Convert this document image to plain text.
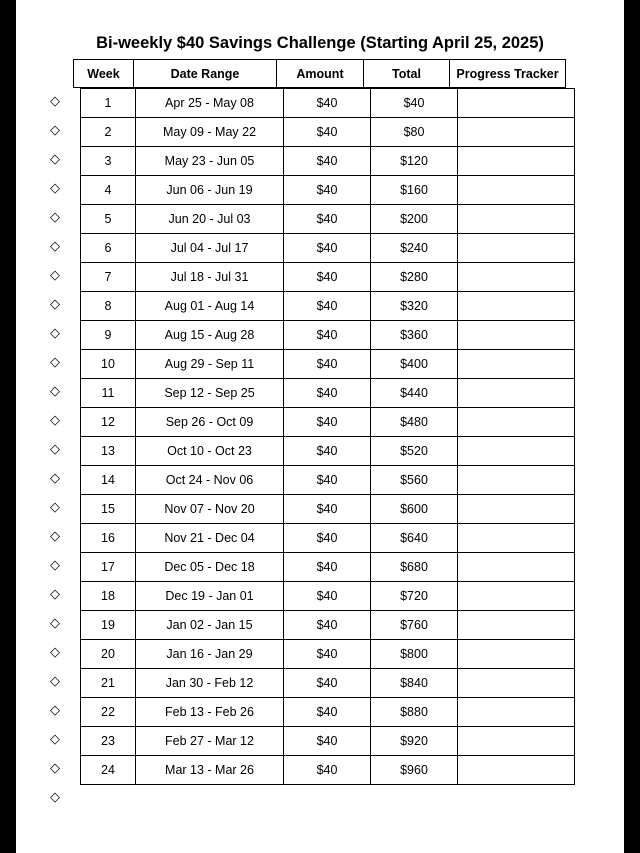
Bi-weekly $40 Savings Challenge (Starting April 25, 2025)
Week	Date Range	Amount	Total	Progress Tracker
1	Apr 25 - May 08	$40	$40	
2	May 09 - May 22	$40	$80	
3	May 23 - Jun 05	$40	$120	
4	Jun 06 - Jun 19	$40	$160	
5	Jun 20 - Jul 03	$40	$200	
6	Jul 04 - Jul 17	$40	$240	
7	Jul 18 - Jul 31	$40	$280	
8	Aug 01 - Aug 14	$40	$320	
9	Aug 15 - Aug 28	$40	$360	
10	Aug 29 - Sep 11	$40	$400	
11	Sep 12 - Sep 25	$40	$440	
12	Sep 26 - Oct 09	$40	$480	
13	Oct 10 - Oct 23	$40	$520	
14	Oct 24 - Nov 06	$40	$560	
15	Nov 07 - Nov 20	$40	$600	
16	Nov 21 - Dec 04	$40	$640	
17	Dec 05 - Dec 18	$40	$680	
18	Dec 19 - Jan 01	$40	$720	
19	Jan 02 - Jan 15	$40	$760	
20	Jan 16 - Jan 29	$40	$800	
21	Jan 30 - Feb 12	$40	$840	
22	Feb 13 - Feb 26	$40	$880	
23	Feb 27 - Mar 12	$40	$920	
24	Mar 13 - Mar 26	$40	$960	
◇
◇
◇
◇
◇
◇
◇
◇
◇
◇
◇
◇
◇
◇
◇
◇
◇
◇
◇
◇
◇
◇
◇
◇
◇
